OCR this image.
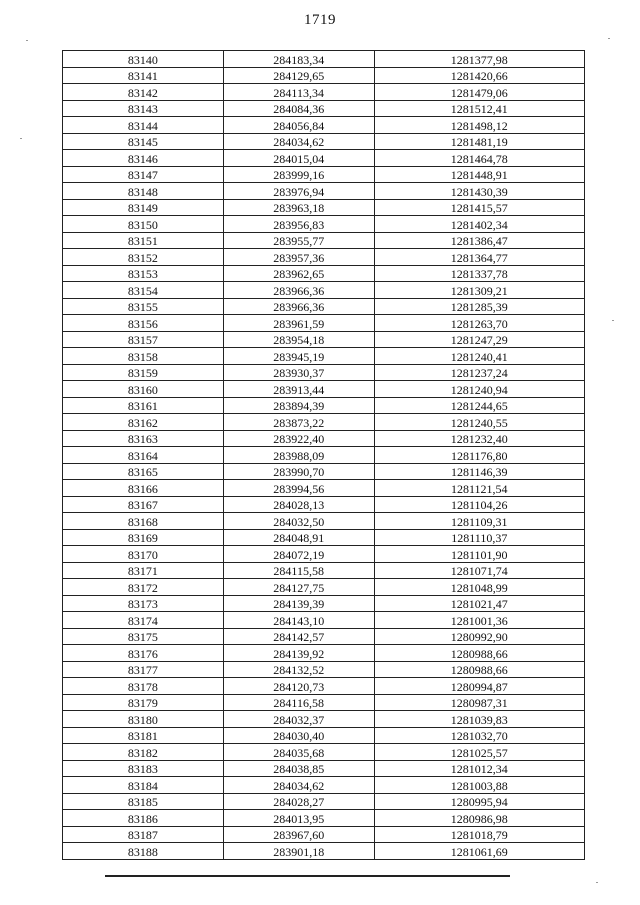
1719
83140	284183,34	1281377,98
83141	284129,65	1281420,66
83142	284113,34	1281479,06
83143	284084,36	1281512,41
83144	284056,84	1281498,12
83145	284034,62	1281481,19
83146	284015,04	1281464,78
83147	283999,16	1281448,91
83148	283976,94	1281430,39
83149	283963,18	1281415,57
83150	283956,83	1281402,34
83151	283955,77	1281386,47
83152	283957,36	1281364,77
83153	283962,65	1281337,78
83154	283966,36	1281309,21
83155	283966,36	1281285,39
83156	283961,59	1281263,70
83157	283954,18	1281247,29
83158	283945,19	1281240,41
83159	283930,37	1281237,24
83160	283913,44	1281240,94
83161	283894,39	1281244,65
83162	283873,22	1281240,55
83163	283922,40	1281232,40
83164	283988,09	1281176,80
83165	283990,70	1281146,39
83166	283994,56	1281121,54
83167	284028,13	1281104,26
83168	284032,50	1281109,31
83169	284048,91	1281110,37
83170	284072,19	1281101,90
83171	284115,58	1281071,74
83172	284127,75	1281048,99
83173	284139,39	1281021,47
83174	284143,10	1281001,36
83175	284142,57	1280992,90
83176	284139,92	1280988,66
83177	284132,52	1280988,66
83178	284120,73	1280994,87
83179	284116,58	1280987,31
83180	284032,37	1281039,83
83181	284030,40	1281032,70
83182	284035,68	1281025,57
83183	284038,85	1281012,34
83184	284034,62	1281003,88
83185	284028,27	1280995,94
83186	284013,95	1280986,98
83187	283967,60	1281018,79
83188	283901,18	1281061,69
